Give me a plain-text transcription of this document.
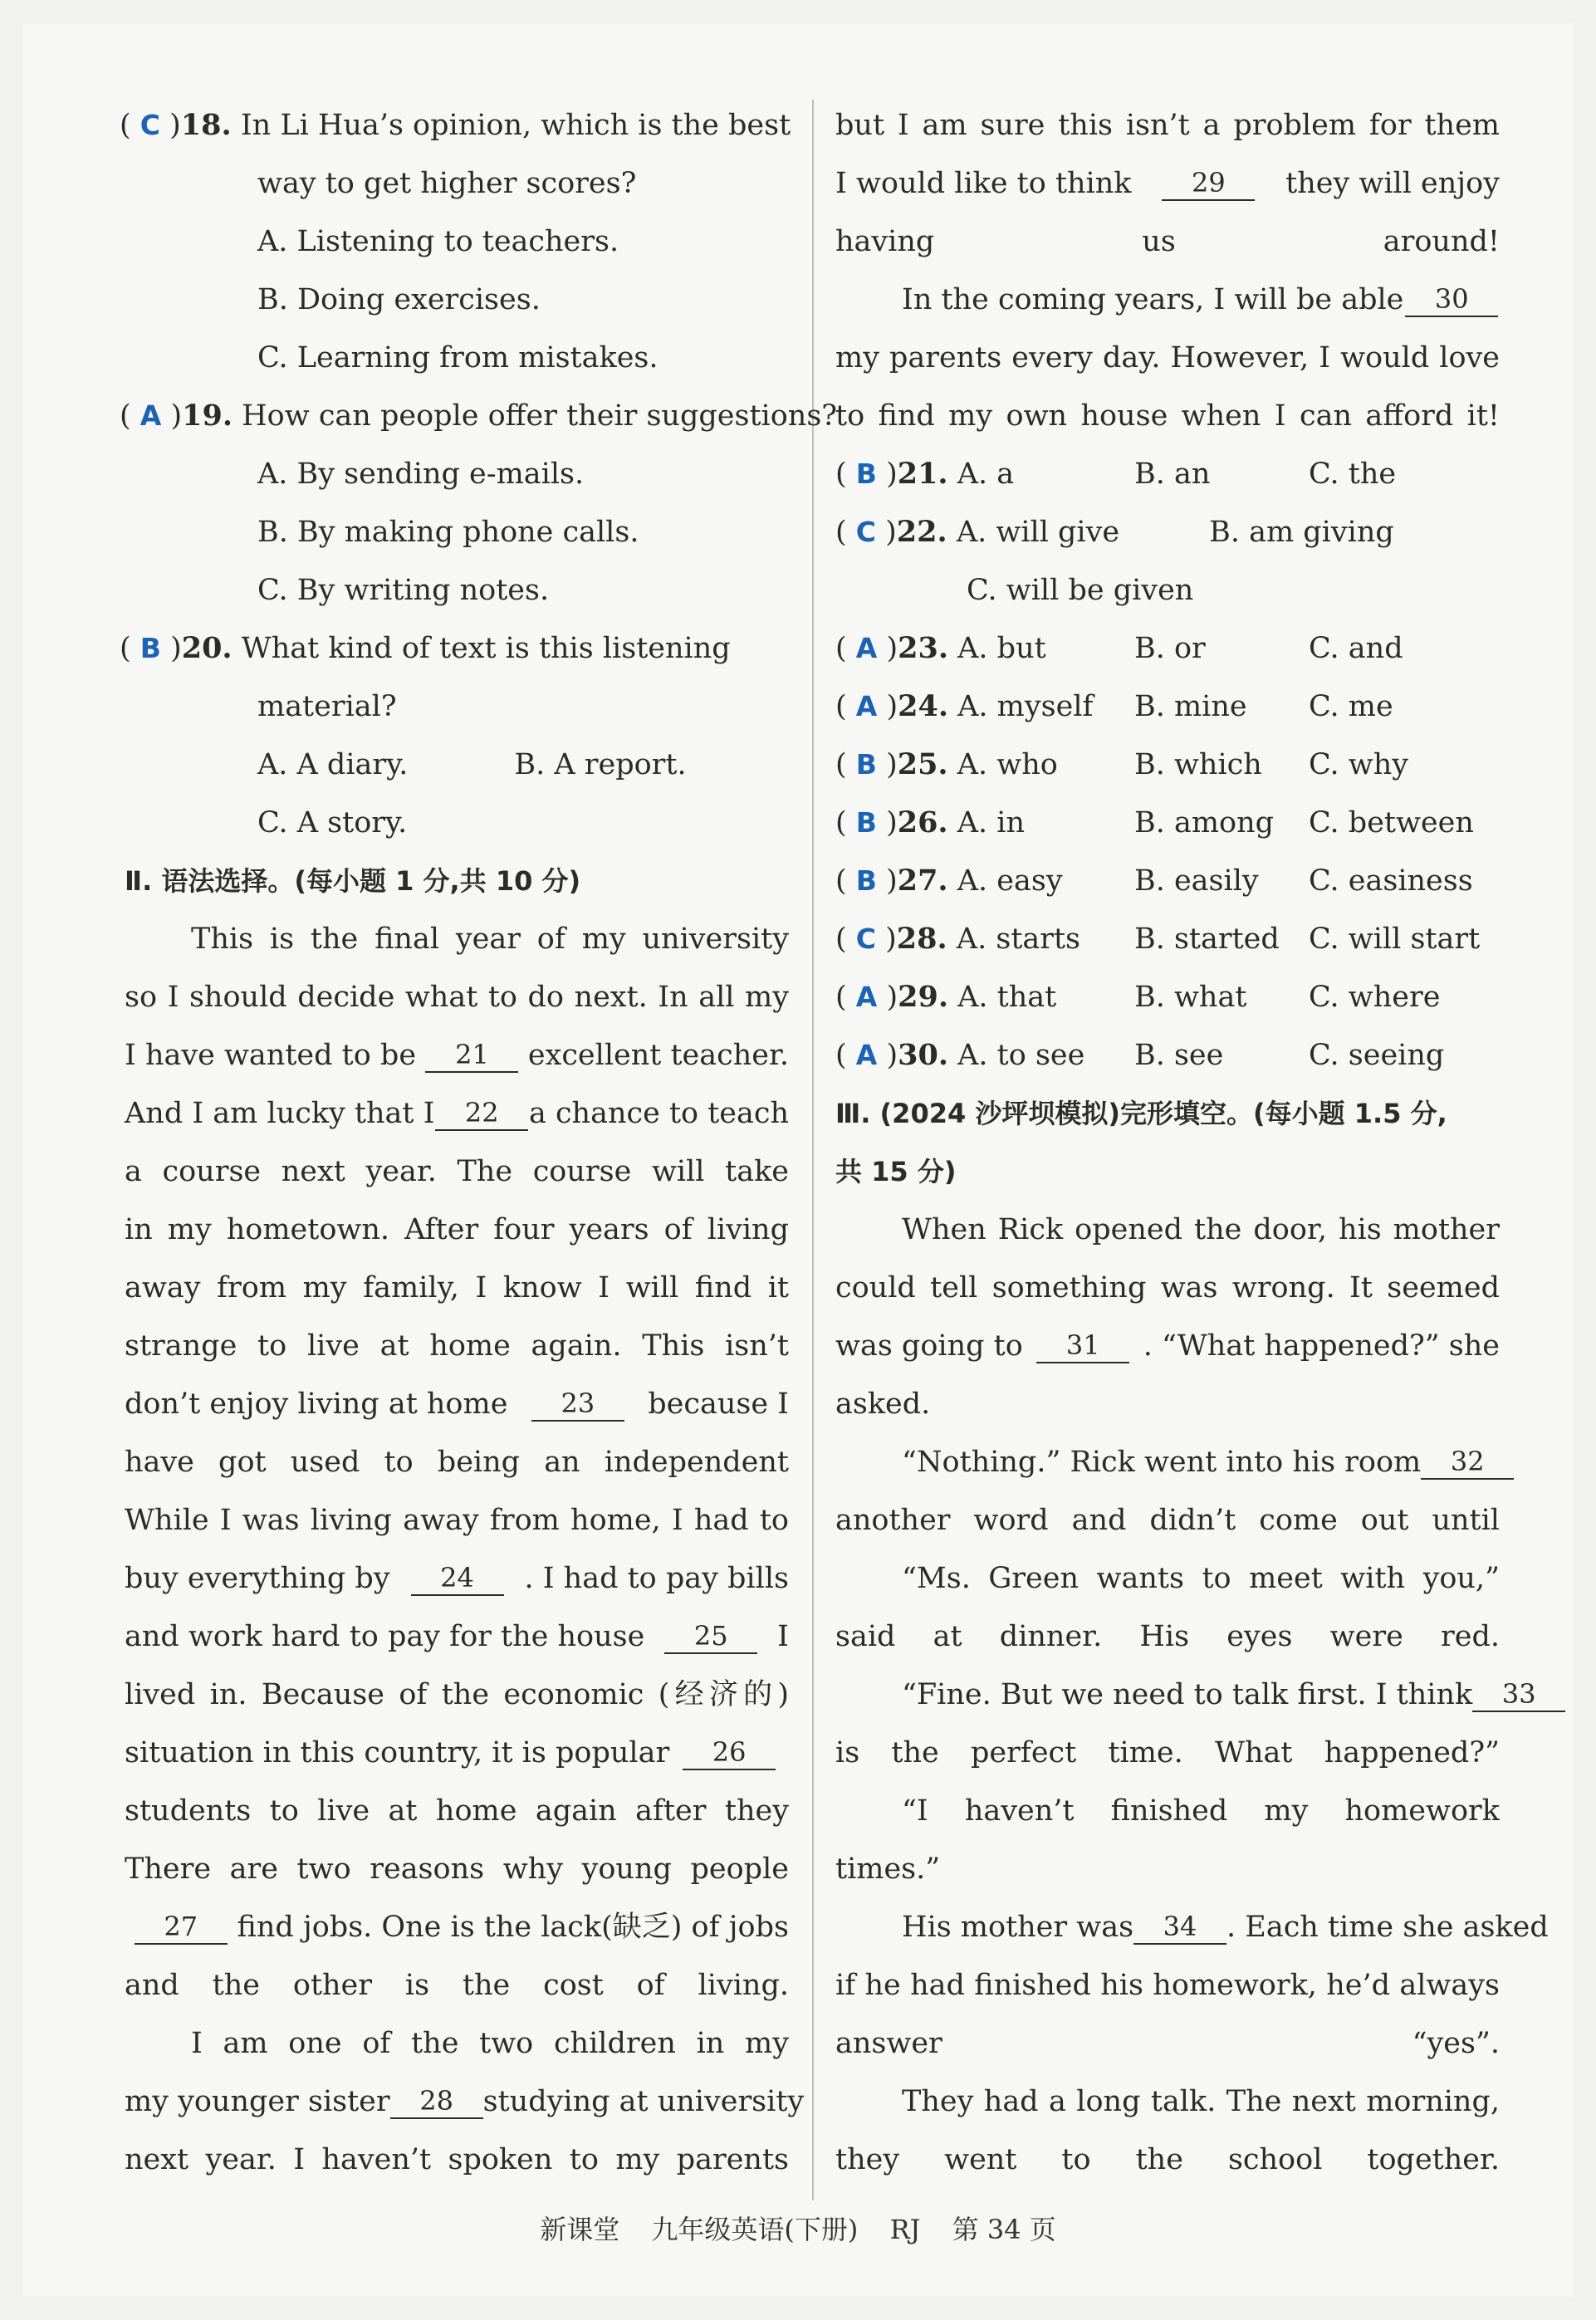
( C )18. In Li Hua’s opinion, which is the best
way to get higher scores?
A. Listening to teachers.
B. Doing exercises.
C. Learning from mistakes.
( A )19. How can people offer their suggestions?
A. By sending e-mails.
B. By making phone calls.
C. By writing notes.
( B )20. What kind of text is this listening
material?
A. A diary.	B. A report.
C. A story.
Ⅱ. 语法选择。(每小题 1 分,共 10 分)
This is the final year of my university
so I should decide what to do next. In all my
I have wanted to be	21	excellent teacher.
And I am lucky that I	22	a chance to teach
a course next year. The course will take
in my hometown. After four years of living
away from my family, I know I will find it
strange to live at home again. This isn’t
don’t enjoy living at home	23	because I
have got used to being an independent
While I was living away from home, I had to
buy everything by	24	. I had to pay bills
and work hard to pay for the house	25	I
lived in. Because of the economic (经济的)
situation in this country, it is popular	26
students to live at home again after they
There are two reasons why young people
27	find jobs. One is the lack(缺乏) of jobs
and the other is the cost of living.
I am one of the two children in my
my younger sister	28	studying at university
next year. I haven’t spoken to my parents
but I am sure this isn’t a problem for them
I would like to think	29	they will enjoy
having us around!
In the coming years, I will be able	30
my parents every day. However, I would love
to find my own house when I can afford it!
( B )21. A. a	B. an	C. the
( C )22. A. will give	B. am giving
C. will be given
( A )23. A. but	B. or	C. and
( A )24. A. myself	B. mine	C. me
( B )25. A. who	B. which	C. why
( B )26. A. in	B. among	C. between
( B )27. A. easy	B. easily	C. easiness
( C )28. A. starts	B. started	C. will start
( A )29. A. that	B. what	C. where
( A )30. A. to see	B. see	C. seeing
Ⅲ. (2024 沙坪坝模拟)完形填空。(每小题 1.5 分,
共 15 分)
When Rick opened the door, his mother
could tell something was wrong. It seemed
was going to	31	. “What happened?” she
asked.
“Nothing.” Rick went into his room	32
another word and didn’t come out until
“Ms. Green wants to meet with you,”
said at dinner. His eyes were red.
“Fine. But we need to talk first. I think	33
is the perfect time. What happened?”
“I haven’t finished my homework
times.”
His mother was	34	. Each time she asked
if he had finished his homework, he’d always
answer “yes”.
They had a long talk. The next morning,
they went to the school together.
新课堂 九年级英语(下册) RJ 第 34 页
